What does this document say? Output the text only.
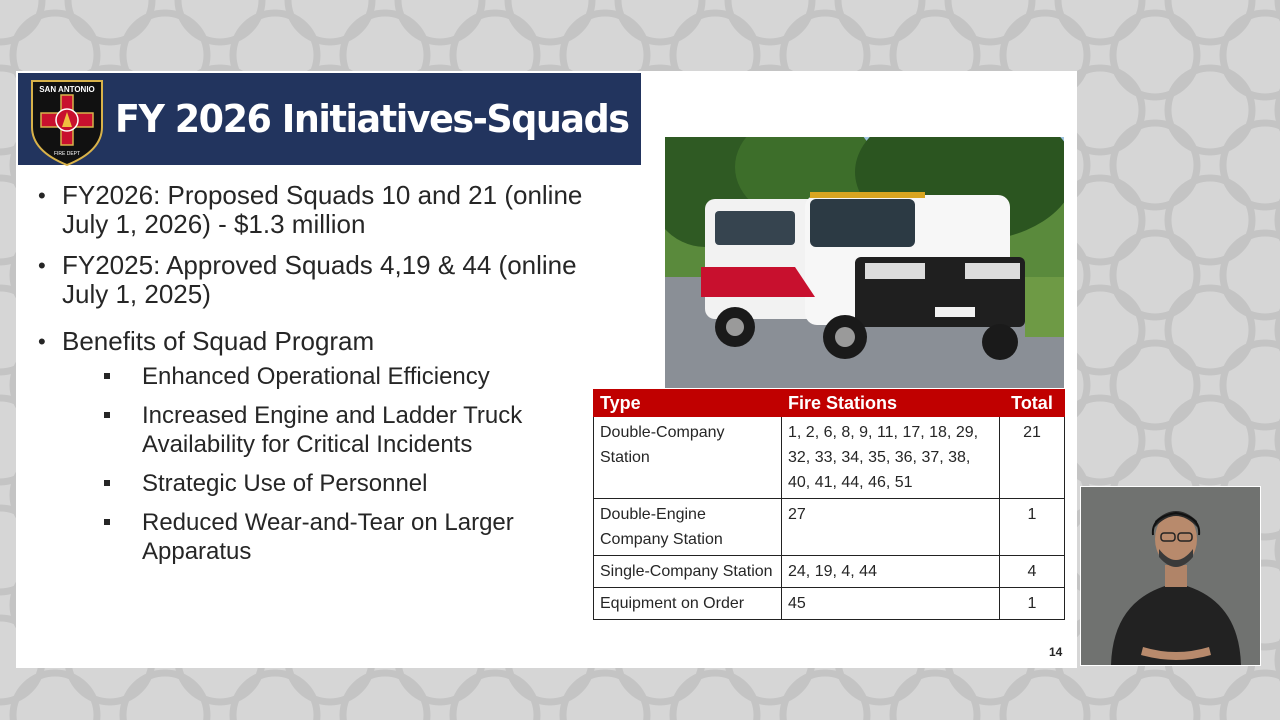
SAN ANTONIO
FIRE DEPT
FY 2026 Initiatives-Squads
• FY2026: Proposed Squads 10 and 21 (online July 1, 2026) - $1.3 million
• FY2025: Approved Squads 4,19 & 44 (online July 1, 2025)
• Benefits of Squad Program
Enhanced Operational Efficiency
Increased Engine and Ladder Truck Availability for Critical Incidents
Strategic Use of Personnel
Reduced Wear-and-Tear on Larger Apparatus
Type	Fire Stations	Total
Double-Company Station	1, 2, 6, 8, 9, 11, 17, 18, 29, 32, 33, 34, 35, 36, 37, 38, 40, 41, 44, 46, 51	21
Double-Engine Company Station	27	1
Single-Company Station	24, 19, 4, 44	4
Equipment on Order	45	1
14
